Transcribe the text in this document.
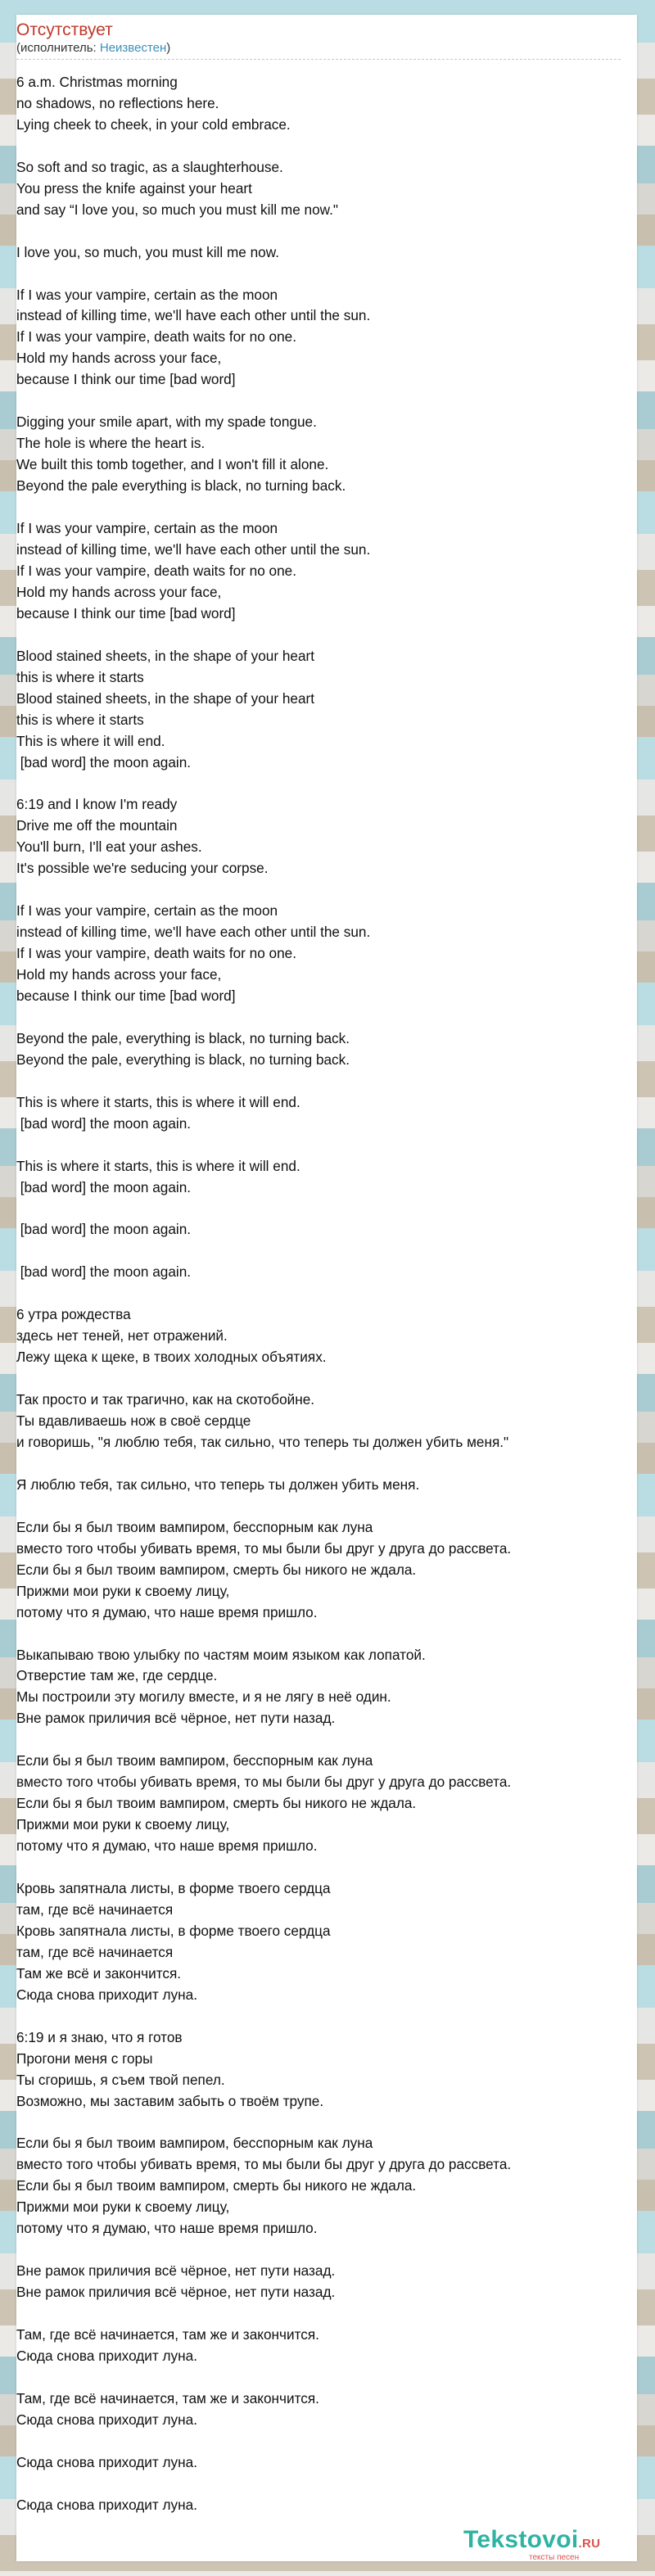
Отсутствует
(исполнитель: Неизвестен)
6 a.m. Christmas morning
no shadows, no reflections here.
Lying cheek to cheek, in your cold embrace.

So soft and so tragic, as a slaughterhouse.
You press the knife against your heart
and say “I love you, so much you must kill me now."

I love you, so much, you must kill me now.

If I was your vampire, certain as the moon
instead of killing time, we'll have each other until the sun.
If I was your vampire, death waits for no one.
Hold my hands across your face,
because I think our time [bad word]

Digging your smile apart, with my spade tongue.
The hole is where the heart is.
We built this tomb together, and I won't fill it alone.
Beyond the pale everything is black, no turning back.

If I was your vampire, certain as the moon
instead of killing time, we'll have each other until the sun.
If I was your vampire, death waits for no one.
Hold my hands across your face,
because I think our time [bad word]

Blood stained sheets, in the shape of your heart
this is where it starts
Blood stained sheets, in the shape of your heart
this is where it starts
This is where it will end.
[bad word] the moon again.

6:19 and I know I'm ready
Drive me off the mountain
You'll burn, I'll eat your ashes.
It's possible we're seducing your corpse.

If I was your vampire, certain as the moon
instead of killing time, we'll have each other until the sun.
If I was your vampire, death waits for no one.
Hold my hands across your face,
because I think our time [bad word]

Beyond the pale, everything is black, no turning back.
Beyond the pale, everything is black, no turning back.

This is where it starts, this is where it will end.
[bad word] the moon again.

This is where it starts, this is where it will end.
[bad word] the moon again.

[bad word] the moon again.

[bad word] the moon again.

6 утра рождества
здесь нет теней, нет отражений.
Лежу щека к щеке, в твоих холодных объятиях.

Так просто и так трагично, как на скотобойне.
Ты вдавливаешь нож в своё сердце
и говоришь, "я люблю тебя, так сильно, что теперь ты должен убить меня."

Я люблю тебя, так сильно, что теперь ты должен убить меня.

Если бы я был твоим вампиром, бесспорным как луна
вместо того чтобы убивать время, то мы были бы друг у друга до рассвета.
Если бы я был твоим вампиром, смерть бы никого не ждала.
Прижми мои руки к своему лицу,
потому что я думаю, что наше время пришло.

Выкапываю твою улыбку по частям моим языком как лопатой.
Отверстие там же, где сердце.
Мы построили эту могилу вместе, и я не лягу в неё один.
Вне рамок приличия всё чёрное, нет пути назад.

Если бы я был твоим вампиром, бесспорным как луна
вместо того чтобы убивать время, то мы были бы друг у друга до рассвета.
Если бы я был твоим вампиром, смерть бы никого не ждала.
Прижми мои руки к своему лицу,
потому что я думаю, что наше время пришло.

Кровь запятнала листы, в форме твоего сердца
там, где всё начинается
Кровь запятнала листы, в форме твоего сердца
там, где всё начинается
Там же всё и закончится.
Сюда снова приходит луна.

6:19 и я знаю, что я готов
Прогони меня с горы
Ты сгоришь, я съем твой пепел.
Возможно, мы заставим забыть о твоём трупе.

Если бы я был твоим вампиром, бесспорным как луна
вместо того чтобы убивать время, то мы были бы друг у друга до рассвета.
Если бы я был твоим вампиром, смерть бы никого не ждала.
Прижми мои руки к своему лицу,
потому что я думаю, что наше время пришло.

Вне рамок приличия всё чёрное, нет пути назад.
Вне рамок приличия всё чёрное, нет пути назад.

Там, где всё начинается, там же и закончится.
Сюда снова приходит луна.

Там, где всё начинается, там же и закончится.
Сюда снова приходит луна.

Сюда снова приходит луна.

Сюда снова приходит луна.
Tekstovoi.RU
тексты песен
